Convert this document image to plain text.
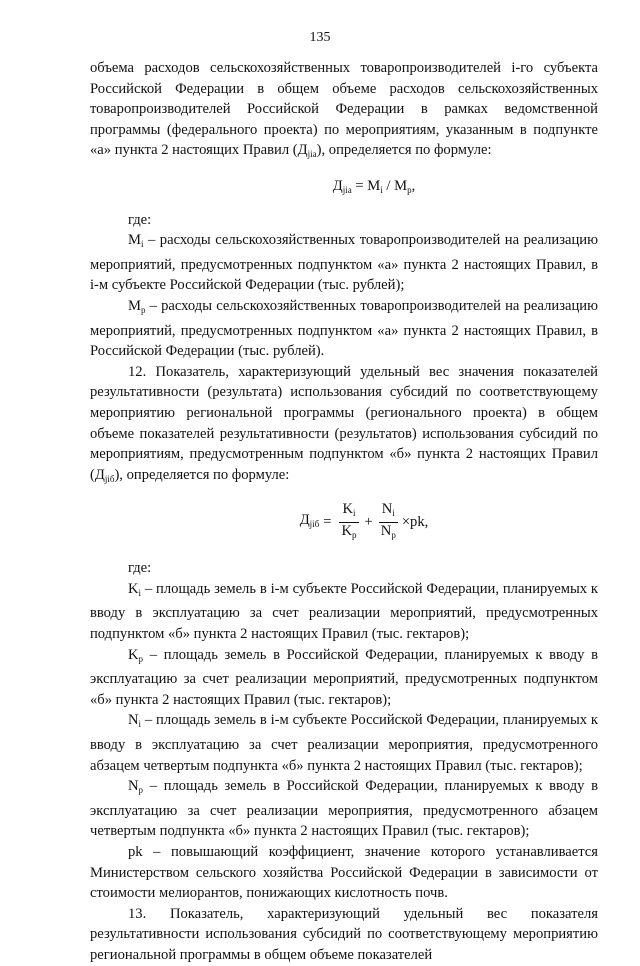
135

объема расходов сельскохозяйственных товаропроизводителей i-го субъекта Российской Федерации в общем объеме расходов сельскохозяйственных товаропроизводителей Российской Федерации в рамках ведомственной программы (федерального проекта) по мероприятиям, указанным в подпункте «а» пункта 2 настоящих Правил $(Д_{jiа})$, определяется по формуле:

$Д_{jiа} = M_i / M_р$,

где:

$M_i$ – расходы сельскохозяйственных товаропроизводителей на реализацию мероприятий, предусмотренных подпунктом «а» пункта 2 настоящих Правил, в i-м субъекте Российской Федерации (тыс. рублей);

$M_р$ – расходы сельскохозяйственных товаропроизводителей на реализацию мероприятий, предусмотренных подпунктом «а» пункта 2 настоящих Правил, в Российской Федерации (тыс. рублей).

12. Показатель, характеризующий удельный вес значения показателей результативности (результата) использования субсидий по соответствующему мероприятию региональной программы (регионального проекта) в общем объеме показателей результативности (результатов) использования субсидий по мероприятиям, предусмотренным подпунктом «б» пункта 2 настоящих Правил $(Д_{jiб})$, определяется по формуле:

$Д_{jiб} = \frac{K_i}{K_р} + \frac{N_i}{N_р} \times pk$,

где:

$K_i$ – площадь земель в i-м субъекте Российской Федерации, планируемых к вводу в эксплуатацию за счет реализации мероприятий, предусмотренных подпунктом «б» пункта 2 настоящих Правил (тыс. гектаров);

$K_р$ – площадь земель в Российской Федерации, планируемых к вводу в эксплуатацию за счет реализации мероприятий, предусмотренных подпунктом «б» пункта 2 настоящих Правил (тыс. гектаров);

$N_i$ – площадь земель в i-м субъекте Российской Федерации, планируемых к вводу в эксплуатацию за счет реализации мероприятия, предусмотренного абзацем четвертым подпункта «б» пункта 2 настоящих Правил (тыс. гектаров);

$N_р$ – площадь земель в Российской Федерации, планируемых к вводу в эксплуатацию за счет реализации мероприятия, предусмотренного абзацем четвертым подпункта «б» пункта 2 настоящих Правил (тыс. гектаров);

pk – повышающий коэффициент, значение которого устанавливается Министерством сельского хозяйства Российской Федерации в зависимости от стоимости мелиорантов, понижающих кислотность почв.

13. Показатель, характеризующий удельный вес показателя результативности использования субсидий по соответствующему мероприятию региональной программы в общем объеме показателей
